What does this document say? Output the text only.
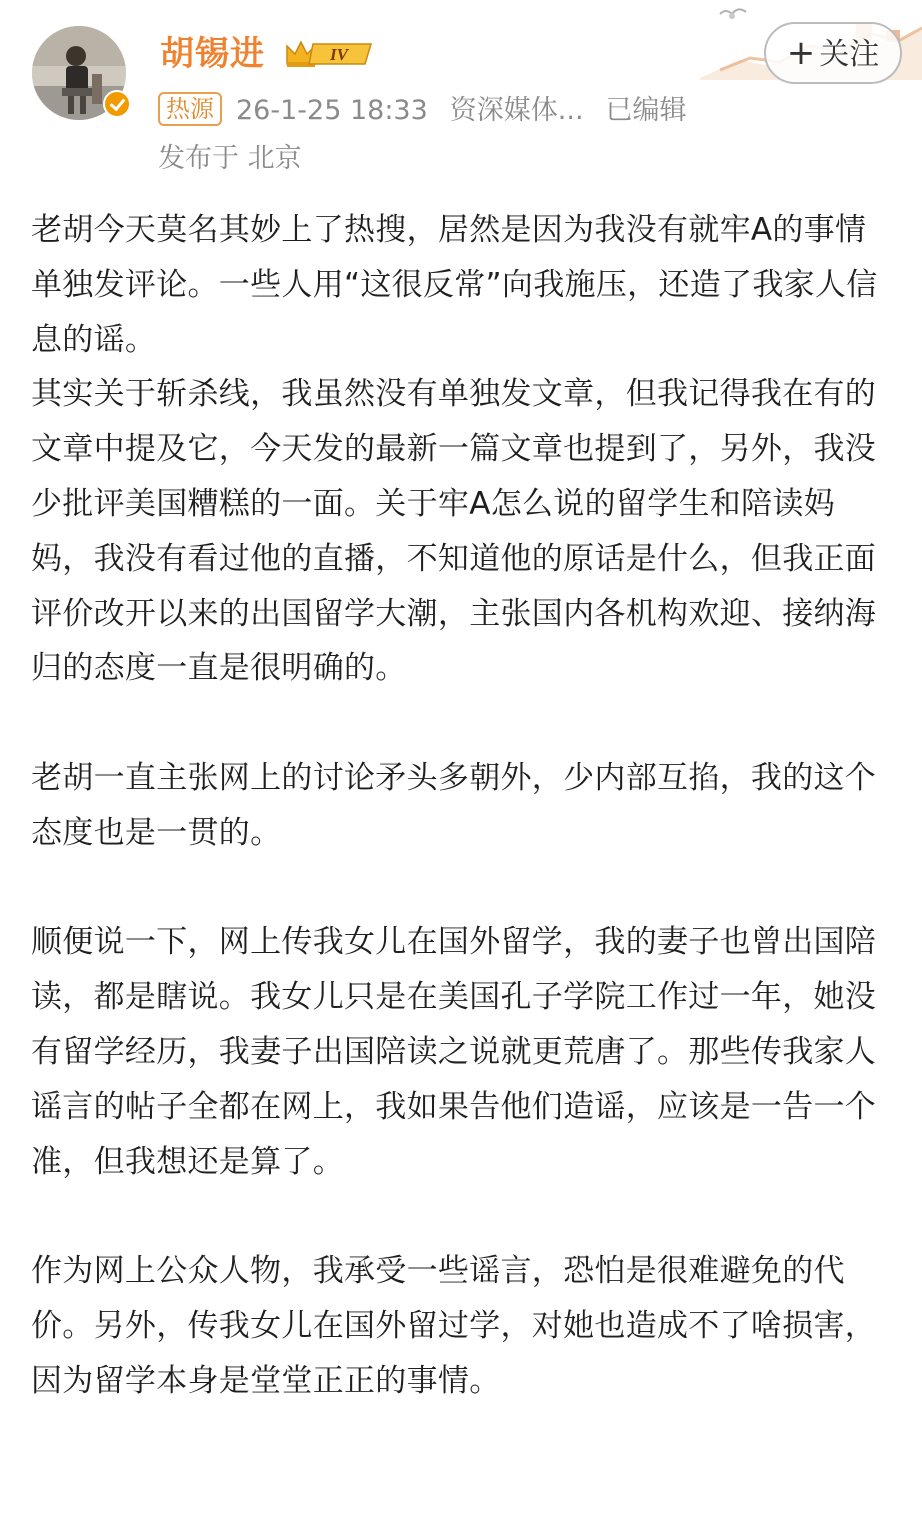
胡锡进	IV	+ 关注
热源 26-1-25 18:33 资深媒体... 已编辑
发布于 北京

老胡今天莫名其妙上了热搜，居然是因为我没有就牢A的事情单独发评论。一些人用“这很反常”向我施压，还造了我家人信息的谣。

其实关于斩杀线，我虽然没有单独发文章，但我记得我在有的文章中提及它，今天发的最新一篇文章也提到了，另外，我没少批评美国糟糕的一面。关于牢A怎么说的留学生和陪读妈妈，我没有看过他的直播，不知道他的原话是什么，但我正面评价改开以来的出国留学大潮，主张国内各机构欢迎、接纳海归的态度一直是很明确的。

老胡一直主张网上的讨论矛头多朝外，少内部互掐，我的这个态度也是一贯的。

顺便说一下，网上传我女儿在国外留学，我的妻子也曾出国陪读，都是瞎说。我女儿只是在美国孔子学院工作过一年，她没有留学经历，我妻子出国陪读之说就更荒唐了。那些传我家人谣言的帖子全都在网上，我如果告他们造谣，应该是一告一个准，但我想还是算了。

作为网上公众人物，我承受一些谣言，恐怕是很难避免的代价。另外，传我女儿在国外留过学，对她也造成不了啥损害，因为留学本身是堂堂正正的事情。
